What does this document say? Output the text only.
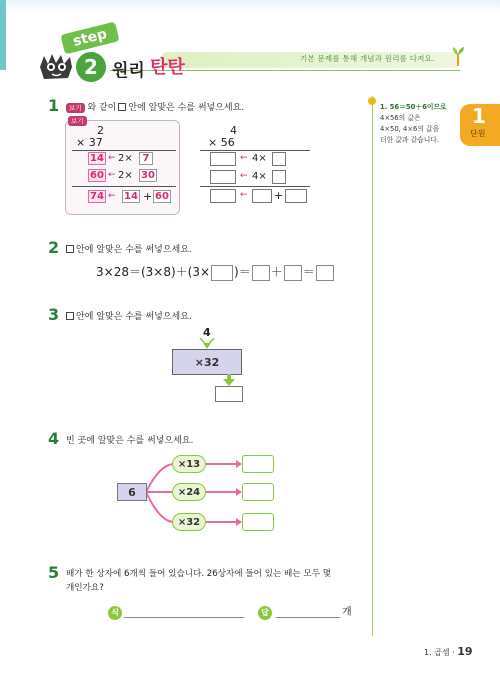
기본 문제를 통해 개념과 원리를 다져요.
step
2 원리 탄탄
1
단원
1. 56＝50＋6이므로
4×56의 값은
4×50, 4×6의 값을
더한 값과 같습니다.
1	보기 와 같이 안에 알맞은 수를 써넣으세요.
보기
2
× 37
14 ← 2× 7
60 ← 2× 30
74 ← 14 + 60
4
× 56
← 4×
← 4×
← +
2	안에 알맞은 수를 써넣으세요.
3×28＝(3×8)＋(3× )＝ ＋ ＝
3	안에 알맞은 수를 써넣으세요.
4
×32
4 빈 곳에 알맞은 수를 써넣으세요.
6
×13
×24
×32
5 배가 한 상자에 6개씩 들어 있습니다. 26상자에 들어 있는 배는 모두 몇
개인가요?
식	답	개
1. 곱셈 · 19
